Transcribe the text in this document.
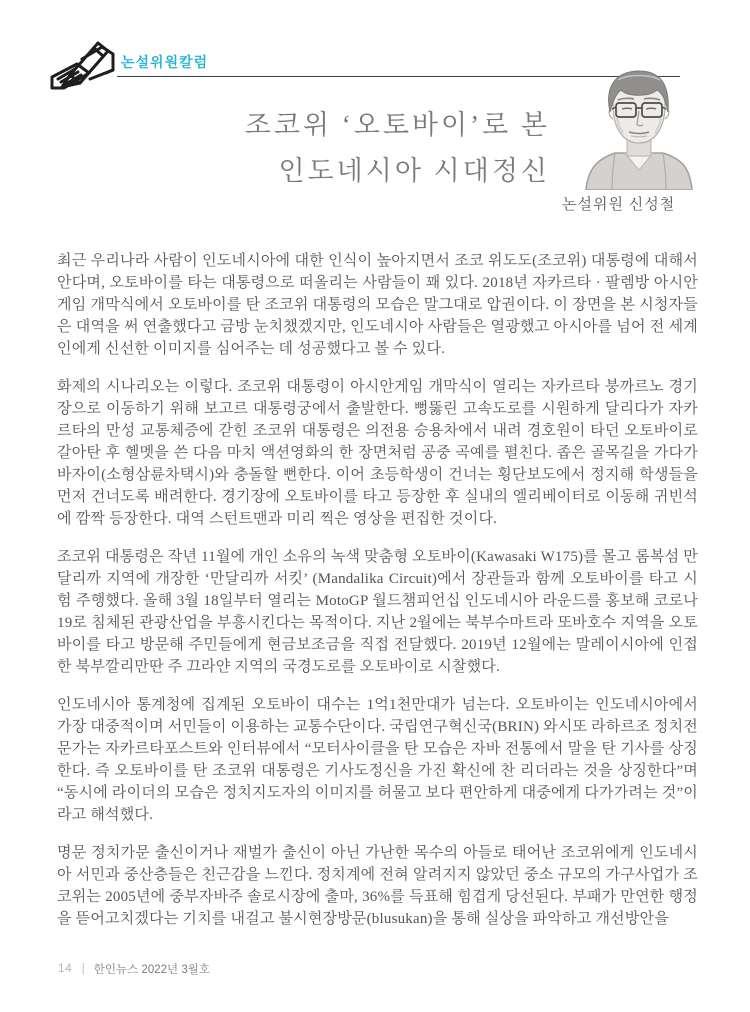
논설위원칼럼
조코위 ‘오토바이’로 본
인도네시아 시대정신
논설위원 신성철

최근 우리나라 사람이 인도네시아에 대한 인식이 높아지면서 조코 위도도(조코위) 대통령에 대해서 안다며, 오토바이를 타는 대통령으로 떠올리는 사람들이 꽤 있다. 2018년 자카르타 · 팔렘방 아시안게임 개막식에서 오토바이를 탄 조코위 대통령의 모습은 말그대로 압권이다. 이 장면을 본 시청자들은 대역을 써 연출했다고 금방 눈치챘겠지만, 인도네시아 사람들은 열광했고 아시아를 넘어 전 세계인에게 신선한 이미지를 심어주는 데 성공했다고 볼 수 있다.

화제의 시나리오는 이렇다. 조코위 대통령이 아시안게임 개막식이 열리는 자카르타 붕까르노 경기장으로 이동하기 위해 보고르 대통령궁에서 출발한다. 뻥뚫린 고속도로를 시원하게 달리다가 자카르타의 만성 교통체증에 갇힌 조코위 대통령은 의전용 승용차에서 내려 경호원이 타던 오토바이로 갈아탄 후 헬멧을 쓴 다음 마치 액션영화의 한 장면처럼 공중 곡예를 펼친다. 좁은 골목길을 가다가 바자이(소형삼륜차택시)와 충돌할 뻔한다. 이어 초등학생이 건너는 횡단보도에서 정지해 학생들을 먼저 건너도록 배려한다. 경기장에 오토바이를 타고 등장한 후 실내의 엘리베이터로 이동해 귀빈석에 깜짝 등장한다. 대역 스턴트맨과 미리 찍은 영상을 편집한 것이다.

조코위 대통령은 작년 11월에 개인 소유의 녹색 맞춤형 오토바이(Kawasaki W175)를 몰고 롬복섬 만달리까 지역에 개장한 ‘만달리까 서킷’ (Mandalika Circuit)에서 장관들과 함께 오토바이를 타고 시험 주행했다. 올해 3월 18일부터 열리는 MotoGP 월드챔피언십 인도네시아 라운드를 홍보해 코로나19로 침체된 관광산업을 부흥시킨다는 목적이다. 지난 2월에는 북부수마트라 또바호수 지역을 오토바이를 타고 방문해 주민들에게 현금보조금을 직접 전달했다. 2019년 12월에는 말레이시아에 인접한 북부깔리만딴 주 끄라얀 지역의 국경도로를 오토바이로 시찰했다.

인도네시아 통계청에 집계된 오토바이 대수는 1억1천만대가 넘는다. 오토바이는 인도네시아에서 가장 대중적이며 서민들이 이용하는 교통수단이다. 국립연구혁신국(BRIN) 와시또 라하르조 정치전문가는 자카르타포스트와 인터뷰에서 “모터사이클을 탄 모습은 자바 전통에서 말을 탄 기사를 상징한다. 즉 오토바이를 탄 조코위 대통령은 기사도정신을 가진 확신에 찬 리더라는 것을 상징한다”며 “동시에 라이더의 모습은 정치지도자의 이미지를 허물고 보다 편안하게 대중에게 다가가려는 것”이라고 해석했다.

명문 정치가문 출신이거나 재벌가 출신이 아닌 가난한 목수의 아들로 태어난 조코위에게 인도네시아 서민과 중산층들은 친근감을 느낀다. 정치계에 전혀 알려지지 않았던 중소 규모의 가구사업가 조코위는 2005년에 중부자바주 솔로시장에 출마, 36%를 득표해 힘겹게 당선된다. 부패가 만연한 행정을 뜯어고치겠다는 기치를 내걸고 불시현장방문(blusukan)을 통해 실상을 파악하고 개선방안을

14 | 한인뉴스 2022년 3월호
